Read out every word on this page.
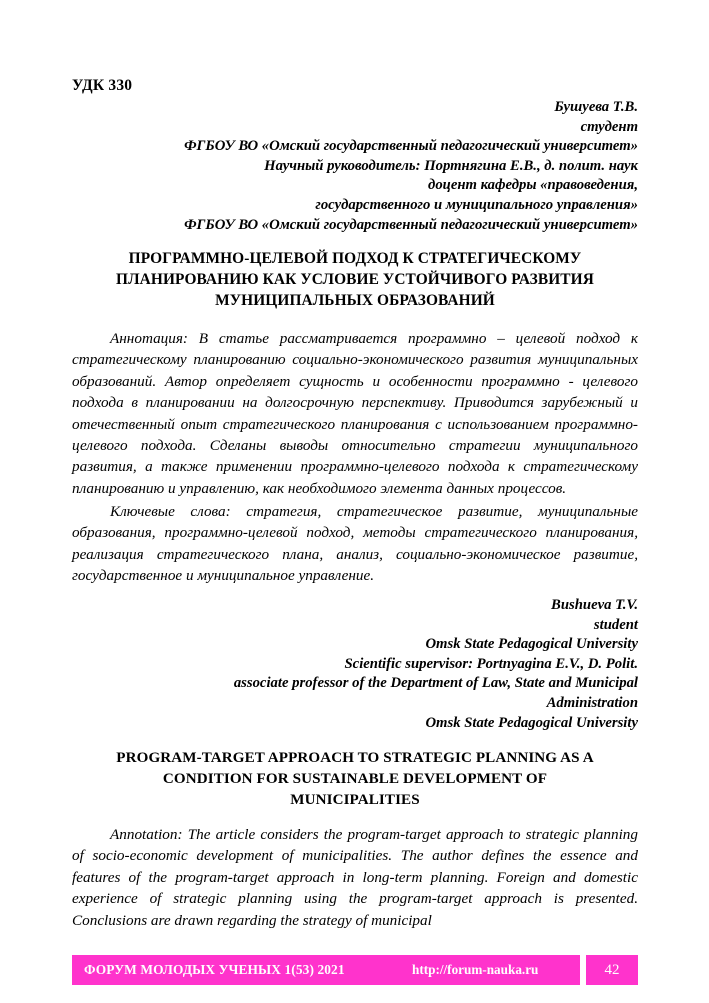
УДК 330
Бушуева Т.В.
студент
ФГБОУ ВО «Омский государственный педагогический университет»
Научный руководитель: Портнягина Е.В., д. полит. наук
доцент кафедры «правоведения,
государственного и муниципального управления»
ФГБОУ ВО «Омский государственный педагогический университет»
ПРОГРАММНО-ЦЕЛЕВОЙ ПОДХОД К СТРАТЕГИЧЕСКОМУ
ПЛАНИРОВАНИЮ КАК УСЛОВИЕ УСТОЙЧИВОГО РАЗВИТИЯ
МУНИЦИПАЛЬНЫХ ОБРАЗОВАНИЙ
Аннотация: В статье рассматривается программно – целевой подход к стратегическому планированию социально-экономического развития муниципальных образований. Автор определяет сущность и особенности программно - целевого подхода в планировании на долгосрочную перспективу. Приводится зарубежный и отечественный опыт стратегического планирования с использованием программно-целевого подхода. Сделаны выводы относительно стратегии муниципального развития, а также применении программно-целевого подхода к стратегическому планированию и управлению, как необходимого элемента данных процессов.
Ключевые слова: стратегия, стратегическое развитие, муниципальные образования, программно-целевой подход, методы стратегического планирования, реализация стратегического плана, анализ, социально-экономическое развитие, государственное и муниципальное управление.
Bushueva T.V.
student
Omsk State Pedagogical University
Scientific supervisor: Portnyagina E.V., D. Polit.
associate professor of the Department of Law, State and Municipal
Administration
Omsk State Pedagogical University
PROGRAM-TARGET APPROACH TO STRATEGIC PLANNING AS A
CONDITION FOR SUSTAINABLE DEVELOPMENT OF
MUNICIPALITIES
Annotation: The article considers the program-target approach to strategic planning of socio-economic development of municipalities. The author defines the essence and features of the program-target approach in long-term planning. Foreign and domestic experience of strategic planning using the program-target approach is presented. Conclusions are drawn regarding the strategy of municipal
ФОРУМ МОЛОДЫХ УЧЕНЫХ 1(53) 2021	http://forum-nauka.ru	42
